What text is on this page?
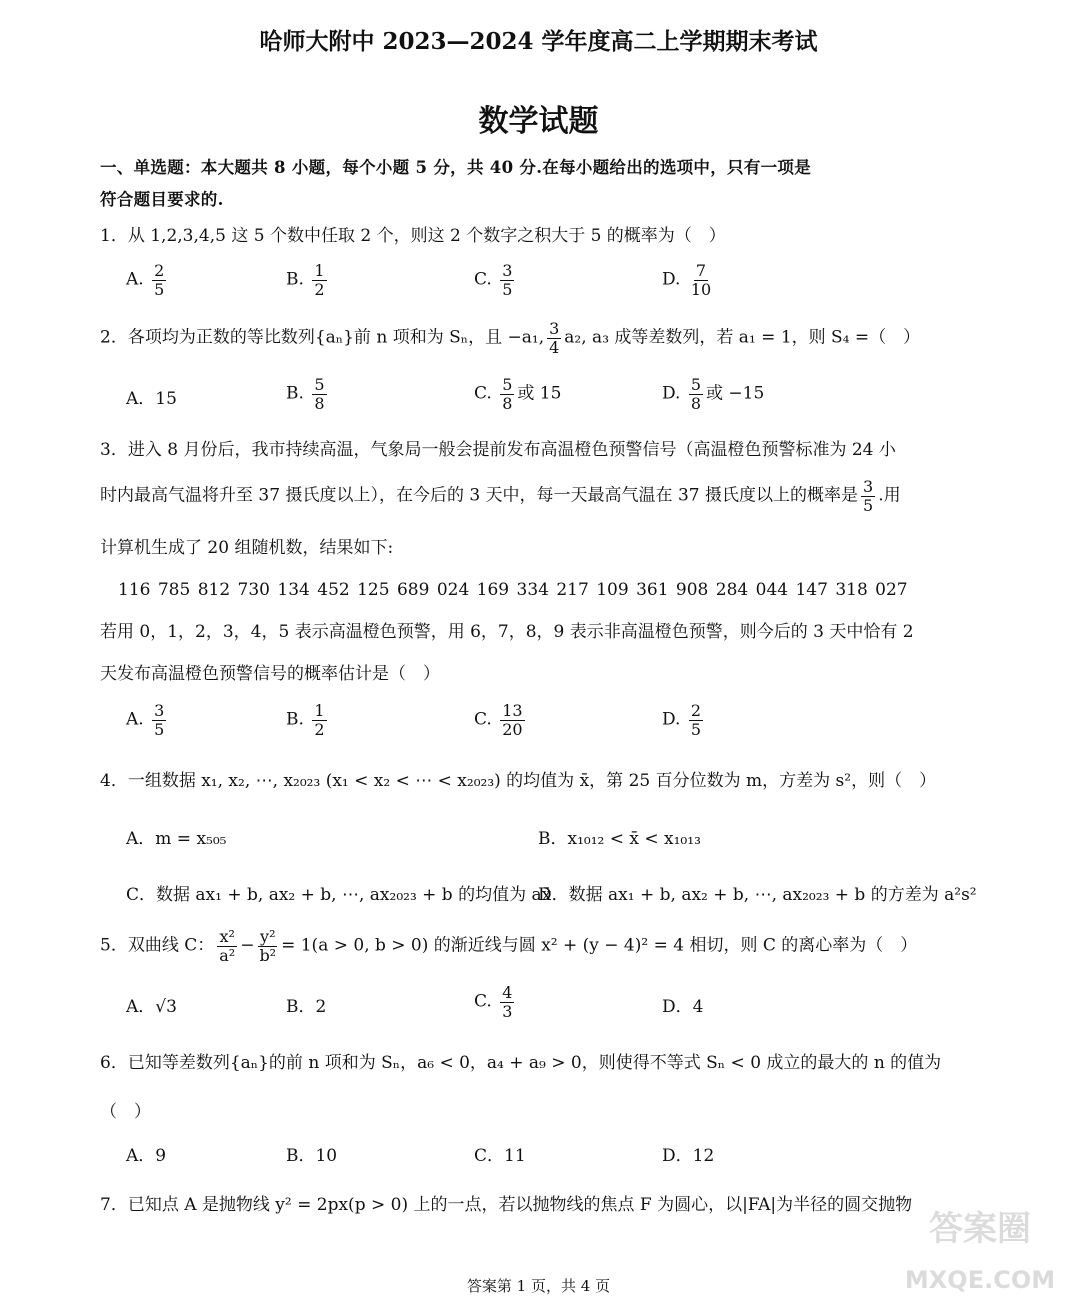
哈师大附中 2023—2024 学年度高二上学期期末考试
数学试题
一、单选题：本大题共 8 小题，每个小题 5 分，共 40 分.在每小题给出的选项中，只有一项是
符合题目要求的.
1．从 1,2,3,4,5 这 5 个数中任取 2 个，则这 2 个数字之积大于 5 的概率为（　）
A. $\frac{2}{5}$	B. $\frac{1}{2}$	C. $\frac{3}{5}$	D. $\frac{7}{10}$
2．各项均为正数的等比数列{aₙ}前 n 项和为 Sₙ，且 −a₁, $\frac{3}{4} a_2$, a₃ 成等差数列，若 a₁ = 1，则 S₄ =（　）
A．15	B. $\frac{5}{8}$	C. $\frac{5}{8}$ 或 15	D. $\frac{5}{8}$ 或 −15
3．进入 8 月份后，我市持续高温，气象局一般会提前发布高温橙色预警信号（高温橙色预警标准为 24 小
时内最高气温将升至 37 摄氏度以上），在今后的 3 天中，每一天最高气温在 37 摄氏度以上的概率是 $\frac{3}{5}$ .用
计算机生成了 20 组随机数，结果如下:
116 785 812 730 134 452 125 689 024 169 334 217 109 361 908 284 044 147 318 027
若用 0，1，2，3，4，5 表示高温橙色预警，用 6，7，8，9 表示非高温橙色预警，则今后的 3 天中恰有 2
天发布高温橙色预警信号的概率估计是（　）
A. $\frac{3}{5}$	B. $\frac{1}{2}$	C. $\frac{13}{20}$	D. $\frac{2}{5}$
4．一组数据 x₁, x₂, ⋯, x₂₀₂₃ (x₁ < x₂ < ⋯ < x₂₀₂₃) 的均值为 x̄，第 25 百分位数为 m，方差为 s²，则（　）
A．m = x₅₀₅	B．x₁₀₁₂ < x̄ < x₁₀₁₃
C．数据 ax₁ + b, ax₂ + b, ⋯, ax₂₀₂₃ + b 的均值为 ax̄
D．数据 ax₁ + b, ax₂ + b, ⋯, ax₂₀₂₃ + b 的方差为 a²s²
5．双曲线 C： $\frac{\text{x²}}{\text{a²}} - \frac{\text{y²}}{\text{b²}} = 1(a > 0$, b > 0) 的渐近线与圆 x² + (y − 4)² = 4 相切，则 C 的离心率为（　）
A．√3	B．2	C. $\frac{4}{3}$	D．4
6．已知等差数列{aₙ}的前 n 项和为 Sₙ，a₆ < 0，a₄ + a₉ > 0，则使得不等式 Sₙ < 0 成立的最大的 n 的值为
（　）
A．9	B．10	C．11	D．12
7．已知点 A 是抛物线 y² = 2px(p > 0) 上的一点，若以抛物线的焦点 F 为圆心，以|FA|为半径的圆交抛物
答案圈
MXQE.COM
答案第 1 页，共 4 页
